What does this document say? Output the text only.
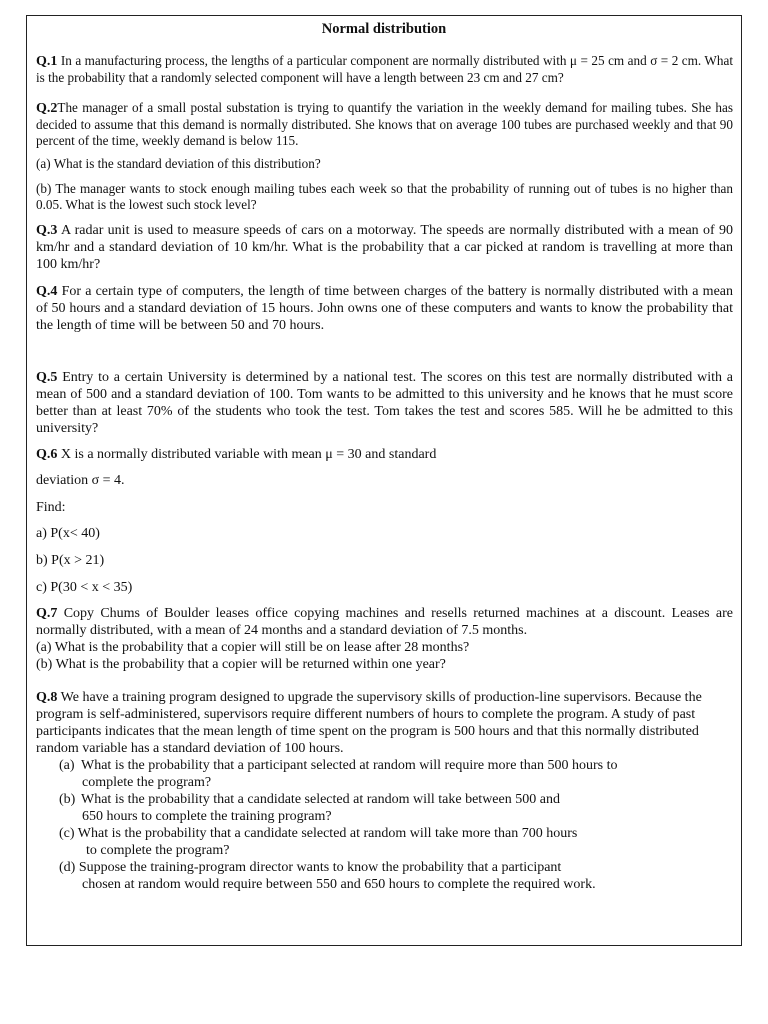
Normal distribution

Q.1 In a manufacturing process, the lengths of a particular component are normally distributed with μ = 25 cm and σ = 2 cm. What is the probability that a randomly selected component will have a length between 23 cm and 27 cm?

Q.2The manager of a small postal substation is trying to quantify the variation in the weekly demand for mailing tubes. She has decided to assume that this demand is normally distributed. She knows that on average 100 tubes are purchased weekly and that 90 percent of the time, weekly demand is below 115.

(a) What is the standard deviation of this distribution?
(b) The manager wants to stock enough mailing tubes each week so that the probability of running out of tubes is no higher than 0.05. What is the lowest such stock level?

Q.3 A radar unit is used to measure speeds of cars on a motorway. The speeds are normally distributed with a mean of 90 km/hr and a standard deviation of 10 km/hr. What is the probability that a car picked at random is travelling at more than 100 km/hr?

Q.4 For a certain type of computers, the length of time between charges of the battery is normally distributed with a mean of 50 hours and a standard deviation of 15 hours. John owns one of these computers and wants to know the probability that the length of time will be between 50 and 70 hours.

Q.5 Entry to a certain University is determined by a national test. The scores on this test are normally distributed with a mean of 500 and a standard deviation of 100. Tom wants to be admitted to this university and he knows that he must score better than at least 70% of the students who took the test. Tom takes the test and scores 585. Will he be admitted to this university?

Q.6 X is a normally distributed variable with mean μ = 30 and standard
deviation σ = 4.
Find:
a) P(x< 40)
b) P(x > 21)
c) P(30 < x < 35)

Q.7 Copy Chums of Boulder leases office copying machines and resells returned machines at a discount. Leases are normally distributed, with a mean of 24 months and a standard deviation of 7.5 months.

(a) What is the probability that a copier will still be on lease after 28 months?
(b) What is the probability that a copier will be returned within one year?

Q.8 We have a training program designed to upgrade the supervisory skills of production-line supervisors. Because the program is self-administered, supervisors require different numbers of hours to complete the program. A study of past participants indicates that the mean length of time spent on the program is 500 hours and that this normally distributed random variable has a standard deviation of 100 hours.

(a) What is the probability that a participant selected at random will require more than 500 hours to
complete the program?
(b) What is the probability that a candidate selected at random will take between 500 and
650 hours to complete the training program?
(c) What is the probability that a candidate selected at random will take more than 700 hours
to complete the program?
(d) Suppose the training-program director wants to know the probability that a participant
chosen at random would require between 550 and 650 hours to complete the required work.
